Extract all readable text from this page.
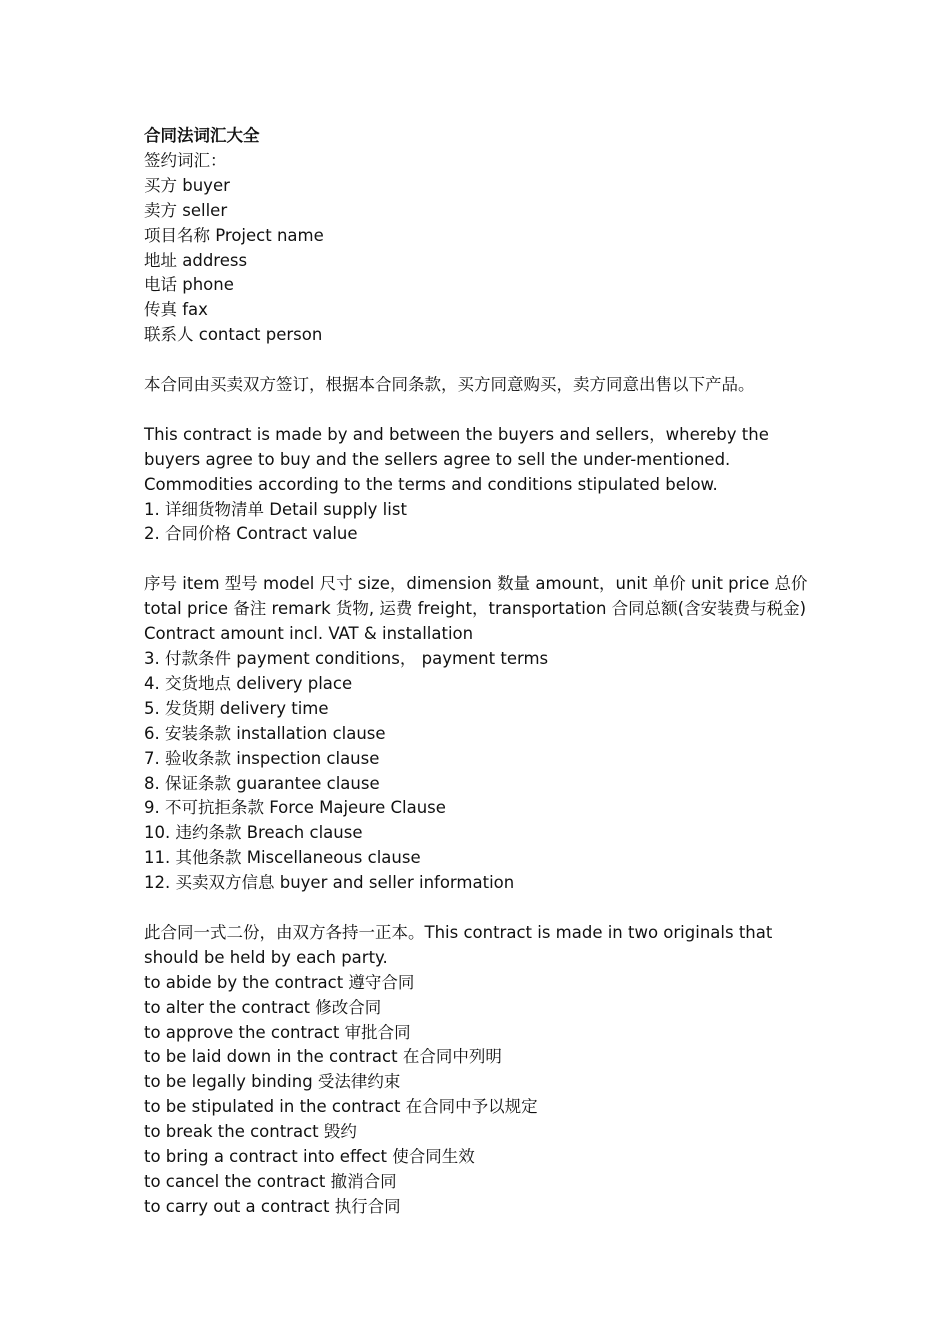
合同法词汇大全
签约词汇：
买方 buyer
卖方 seller
项目名称 Project name
地址 address
电话 phone
传真 fax
联系人 contact person
本合同由买卖双方签订，根据本合同条款，买方同意购买，卖方同意出售以下产品。
This contract is made by and between the buyers and sellers，whereby the buyers agree to buy and the sellers agree to sell the under-mentioned. Commodities according to the terms and conditions stipulated below.
1. 详细货物清单 Detail supply list
2. 合同价格 Contract value
序号 item 型号 model 尺寸 size，dimension 数量 amount，unit 单价 unit price 总价 total price 备注 remark 货物, 运费 freight，transportation 合同总额(含安装费与税金) Contract amount incl. VAT & installation
3. 付款条件 payment conditions， payment terms
4. 交货地点 delivery place
5. 发货期 delivery time
6. 安装条款 installation clause
7. 验收条款 inspection clause
8. 保证条款 guarantee clause
9. 不可抗拒条款 Force Majeure Clause
10. 违约条款 Breach clause
11. 其他条款 Miscellaneous clause
12. 买卖双方信息 buyer and seller information
此合同一式二份，由双方各持一正本。This contract is made in two originals that should be held by each party.
to abide by the contract 遵守合同
to alter the contract 修改合同
to approve the contract 审批合同
to be laid down in the contract 在合同中列明
to be legally binding 受法律约束
to be stipulated in the contract 在合同中予以规定
to break the contract 毁约
to bring a contract into effect 使合同生效
to cancel the contract 撤消合同
to carry out a contract 执行合同
